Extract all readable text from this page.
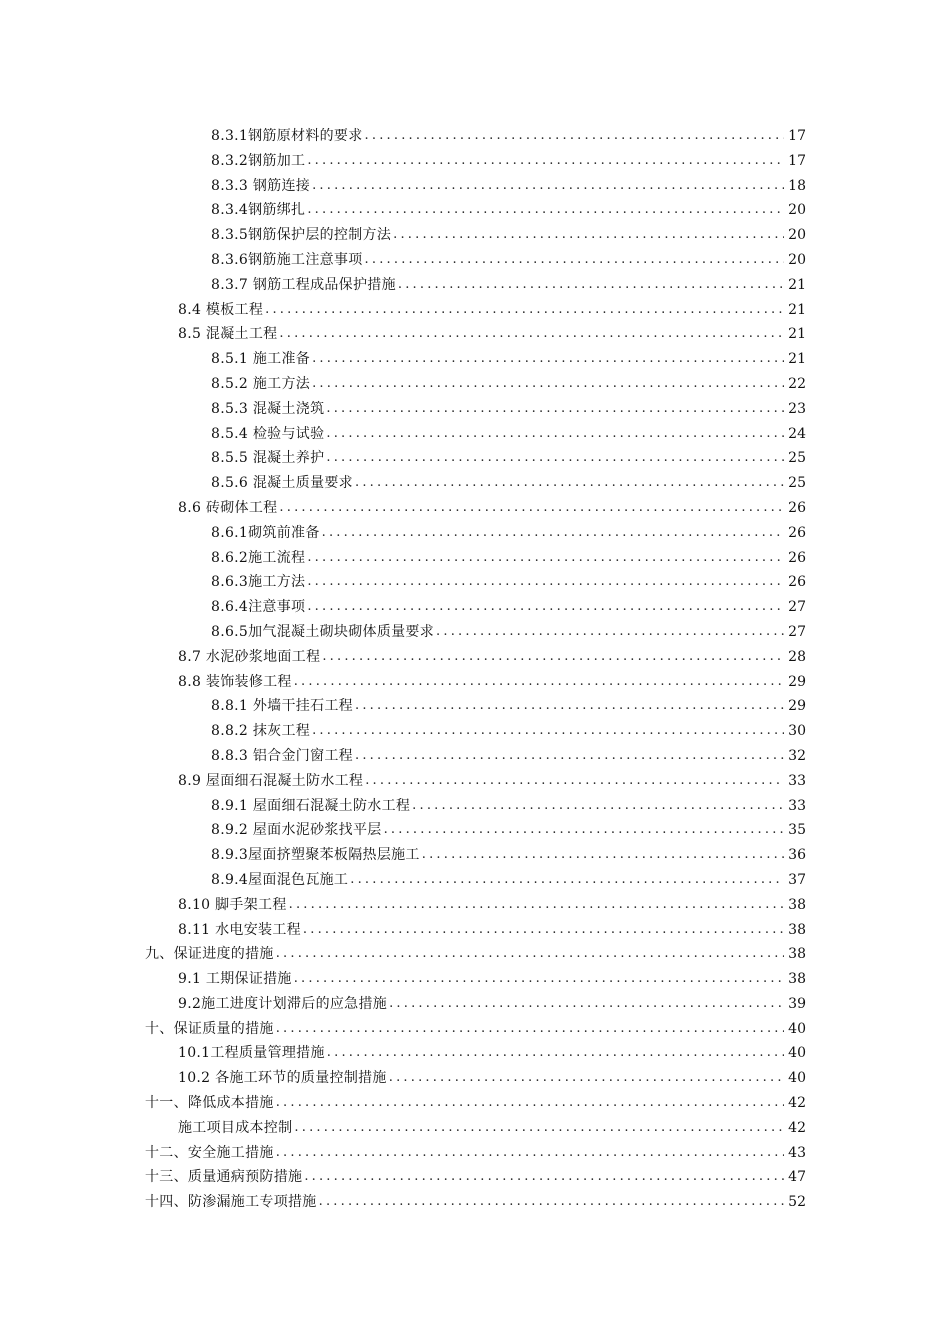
8.3.1钢筋原材料的要求 .....	17
8.3.2钢筋加工 .....	17
8.3.3 钢筋连接 .....	18
8.3.4钢筋绑扎 .....	20
8.3.5钢筋保护层的控制方法 .....	20
8.3.6钢筋施工注意事项 .....	20
8.3.7 钢筋工程成品保护措施 .....	21
8.4 模板工程 .....	21
8.5 混凝土工程 .....	21
8.5.1 施工准备 .....	21
8.5.2 施工方法 .....	22
8.5.3 混凝土浇筑 .....	23
8.5.4 检验与试验 .....	24
8.5.5 混凝土养护 .....	25
8.5.6 混凝土质量要求 .....	25
8.6 砖砌体工程 .....	26
8.6.1砌筑前准备 .....	26
8.6.2施工流程 .....	26
8.6.3施工方法 .....	26
8.6.4注意事项 .....	27
8.6.5加气混凝土砌块砌体质量要求 .....	27
8.7 水泥砂浆地面工程 .....	28
8.8 装饰装修工程 .....	29
8.8.1 外墙干挂石工程 .....	29
8.8.2 抹灰工程 .....	30
8.8.3 铝合金门窗工程 .....	32
8.9 屋面细石混凝土防水工程 .....	33
8.9.1 屋面细石混凝土防水工程 .....	33
8.9.2 屋面水泥砂浆找平层 .....	35
8.9.3屋面挤塑聚苯板隔热层施工 .....	36
8.9.4屋面混色瓦施工 .....	37
8.10 脚手架工程 .....	38
8.11 水电安装工程 .....	38
九、保证进度的措施 .....	38
9.1 工期保证措施 .....	38
9.2施工进度计划滞后的应急措施 .....	39
十、保证质量的措施 .....	40
10.1工程质量管理措施 .....	40
10.2 各施工环节的质量控制措施 .....	40
十一、降低成本措施 .....	42
施工项目成本控制 .....	42
十二、安全施工措施 .....	43
十三、质量通病预防措施 .....	47
十四、防渗漏施工专项措施 .....	52
